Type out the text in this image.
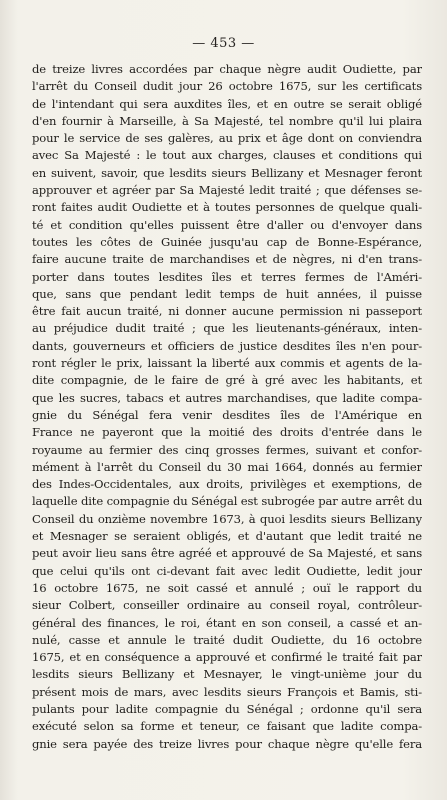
— 453 —
de treize livres accordées par chaque nègre audit Oudiette, par
l'arrêt du Conseil dudit jour 26 octobre 1675, sur les certificats
de l'intendant qui sera auxdites îles, et en outre se serait obligé
d'en fournir à Marseille, à Sa Majesté, tel nombre qu'il lui plaira
pour le service de ses galères, au prix et âge dont on conviendra
avec Sa Majesté : le tout aux charges, clauses et conditions qui
en suivent, savoir, que lesdits sieurs Bellizany et Mesnager feront
approuver et agréer par Sa Majesté ledit traité ; que défenses se-
ront faites audit Oudiette et à toutes personnes de quelque quali-
té et condition qu'elles puissent être d'aller ou d'envoyer dans
toutes les côtes de Guinée jusqu'au cap de Bonne-Espérance,
faire aucune traite de marchandises et de nègres, ni d'en trans-
porter dans toutes lesdites îles et terres fermes de l'Améri-
que, sans que pendant ledit temps de huit années, il puisse
être fait aucun traité, ni donner aucune permission ni passeport
au préjudice dudit traité ; que les lieutenants-généraux, inten-
dants, gouverneurs et officiers de justice desdites îles n'en pour-
ront régler le prix, laissant la liberté aux commis et agents de la-
dite compagnie, de le faire de gré à gré avec les habitants, et
que les sucres, tabacs et autres marchandises, que ladite compa-
gnie du Sénégal fera venir desdites îles de l'Amérique en
France ne payeront que la moitié des droits d'entrée dans le
royaume au fermier des cinq grosses fermes, suivant et confor-
mément à l'arrêt du Conseil du 30 mai 1664, donnés au fermier
des Indes-Occidentales, aux droits, privilèges et exemptions, de
laquelle dite compagnie du Sénégal est subrogée par autre arrêt du
Conseil du onzième novembre 1673, à quoi lesdits sieurs Bellizany
et Mesnager se seraient obligés, et d'autant que ledit traité ne
peut avoir lieu sans être agréé et approuvé de Sa Majesté, et sans
que celui qu'ils ont ci-devant fait avec ledit Oudiette, ledit jour
16 octobre 1675, ne soit cassé et annulé ; ouï le rapport du
sieur Colbert, conseiller ordinaire au conseil royal, contrôleur-
général des finances, le roi, étant en son conseil, a cassé et an-
nulé, casse et annule le traité dudit Oudiette, du 16 octobre
1675, et en conséquence a approuvé et confirmé le traité fait par
lesdits sieurs Bellizany et Mesnayer, le vingt-unième jour du
présent mois de mars, avec lesdits sieurs François et Bamis, sti-
pulants pour ladite compagnie du Sénégal ; ordonne qu'il sera
exécuté selon sa forme et teneur, ce faisant que ladite compa-
gnie sera payée des treize livres pour chaque nègre qu'elle fera
